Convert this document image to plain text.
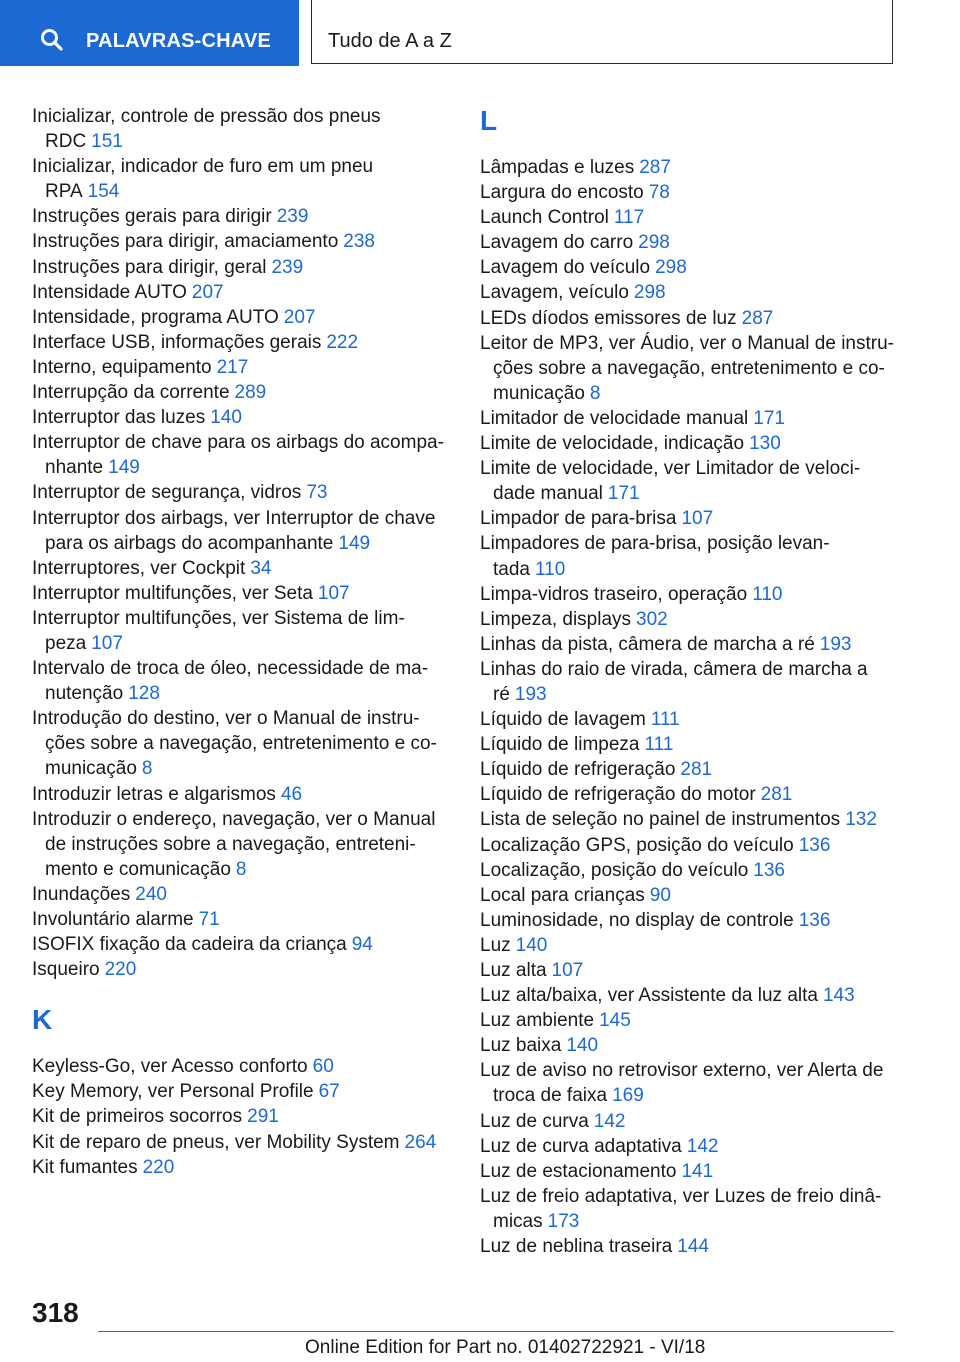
PALAVRAS-CHAVE	Tudo de A a Z
Inicializar, controle de pressão dos pneus
RDC 151
Inicializar, indicador de furo em um pneu
RPA 154
Instruções gerais para dirigir 239
Instruções para dirigir, amaciamento 238
Instruções para dirigir, geral 239
Intensidade AUTO 207
Intensidade, programa AUTO 207
Interface USB, informações gerais 222
Interno, equipamento 217
Interrupção da corrente 289
Interruptor das luzes 140
Interruptor de chave para os airbags do acompa-
nhante 149
Interruptor de segurança, vidros 73
Interruptor dos airbags, ver Interruptor de chave
para os airbags do acompanhante 149
Interruptores, ver Cockpit 34
Interruptor multifunções, ver Seta 107
Interruptor multifunções, ver Sistema de lim-
peza 107
Intervalo de troca de óleo, necessidade de ma-
nutenção 128
Introdução do destino, ver o Manual de instru-
ções sobre a navegação, entretenimento e co-
municação 8
Introduzir letras e algarismos 46
Introduzir o endereço, navegação, ver o Manual
de instruções sobre a navegação, entreteni-
mento e comunicação 8
Inundações 240
Involuntário alarme 71
ISOFIX fixação da cadeira da criança 94
Isqueiro 220
K
Keyless-Go, ver Acesso conforto 60
Key Memory, ver Personal Profile 67
Kit de primeiros socorros 291
Kit de reparo de pneus, ver Mobility System 264
Kit fumantes 220
L
Lâmpadas e luzes 287
Largura do encosto 78
Launch Control 117
Lavagem do carro 298
Lavagem do veículo 298
Lavagem, veículo 298
LEDs díodos emissores de luz 287
Leitor de MP3, ver Áudio, ver o Manual de instru-
ções sobre a navegação, entretenimento e co-
municação 8
Limitador de velocidade manual 171
Limite de velocidade, indicação 130
Limite de velocidade, ver Limitador de veloci-
dade manual 171
Limpador de para-brisa 107
Limpadores de para-brisa, posição levan-
tada 110
Limpa-vidros traseiro, operação 110
Limpeza, displays 302
Linhas da pista, câmera de marcha a ré 193
Linhas do raio de virada, câmera de marcha a
ré 193
Líquido de lavagem 111
Líquido de limpeza 111
Líquido de refrigeração 281
Líquido de refrigeração do motor 281
Lista de seleção no painel de instrumentos 132
Localização GPS, posição do veículo 136
Localização, posição do veículo 136
Local para crianças 90
Luminosidade, no display de controle 136
Luz 140
Luz alta 107
Luz alta/baixa, ver Assistente da luz alta 143
Luz ambiente 145
Luz baixa 140
Luz de aviso no retrovisor externo, ver Alerta de
troca de faixa 169
Luz de curva 142
Luz de curva adaptativa 142
Luz de estacionamento 141
Luz de freio adaptativa, ver Luzes de freio dinâ-
micas 173
Luz de neblina traseira 144
318
Online Edition for Part no. 01402722921 - VI/18
